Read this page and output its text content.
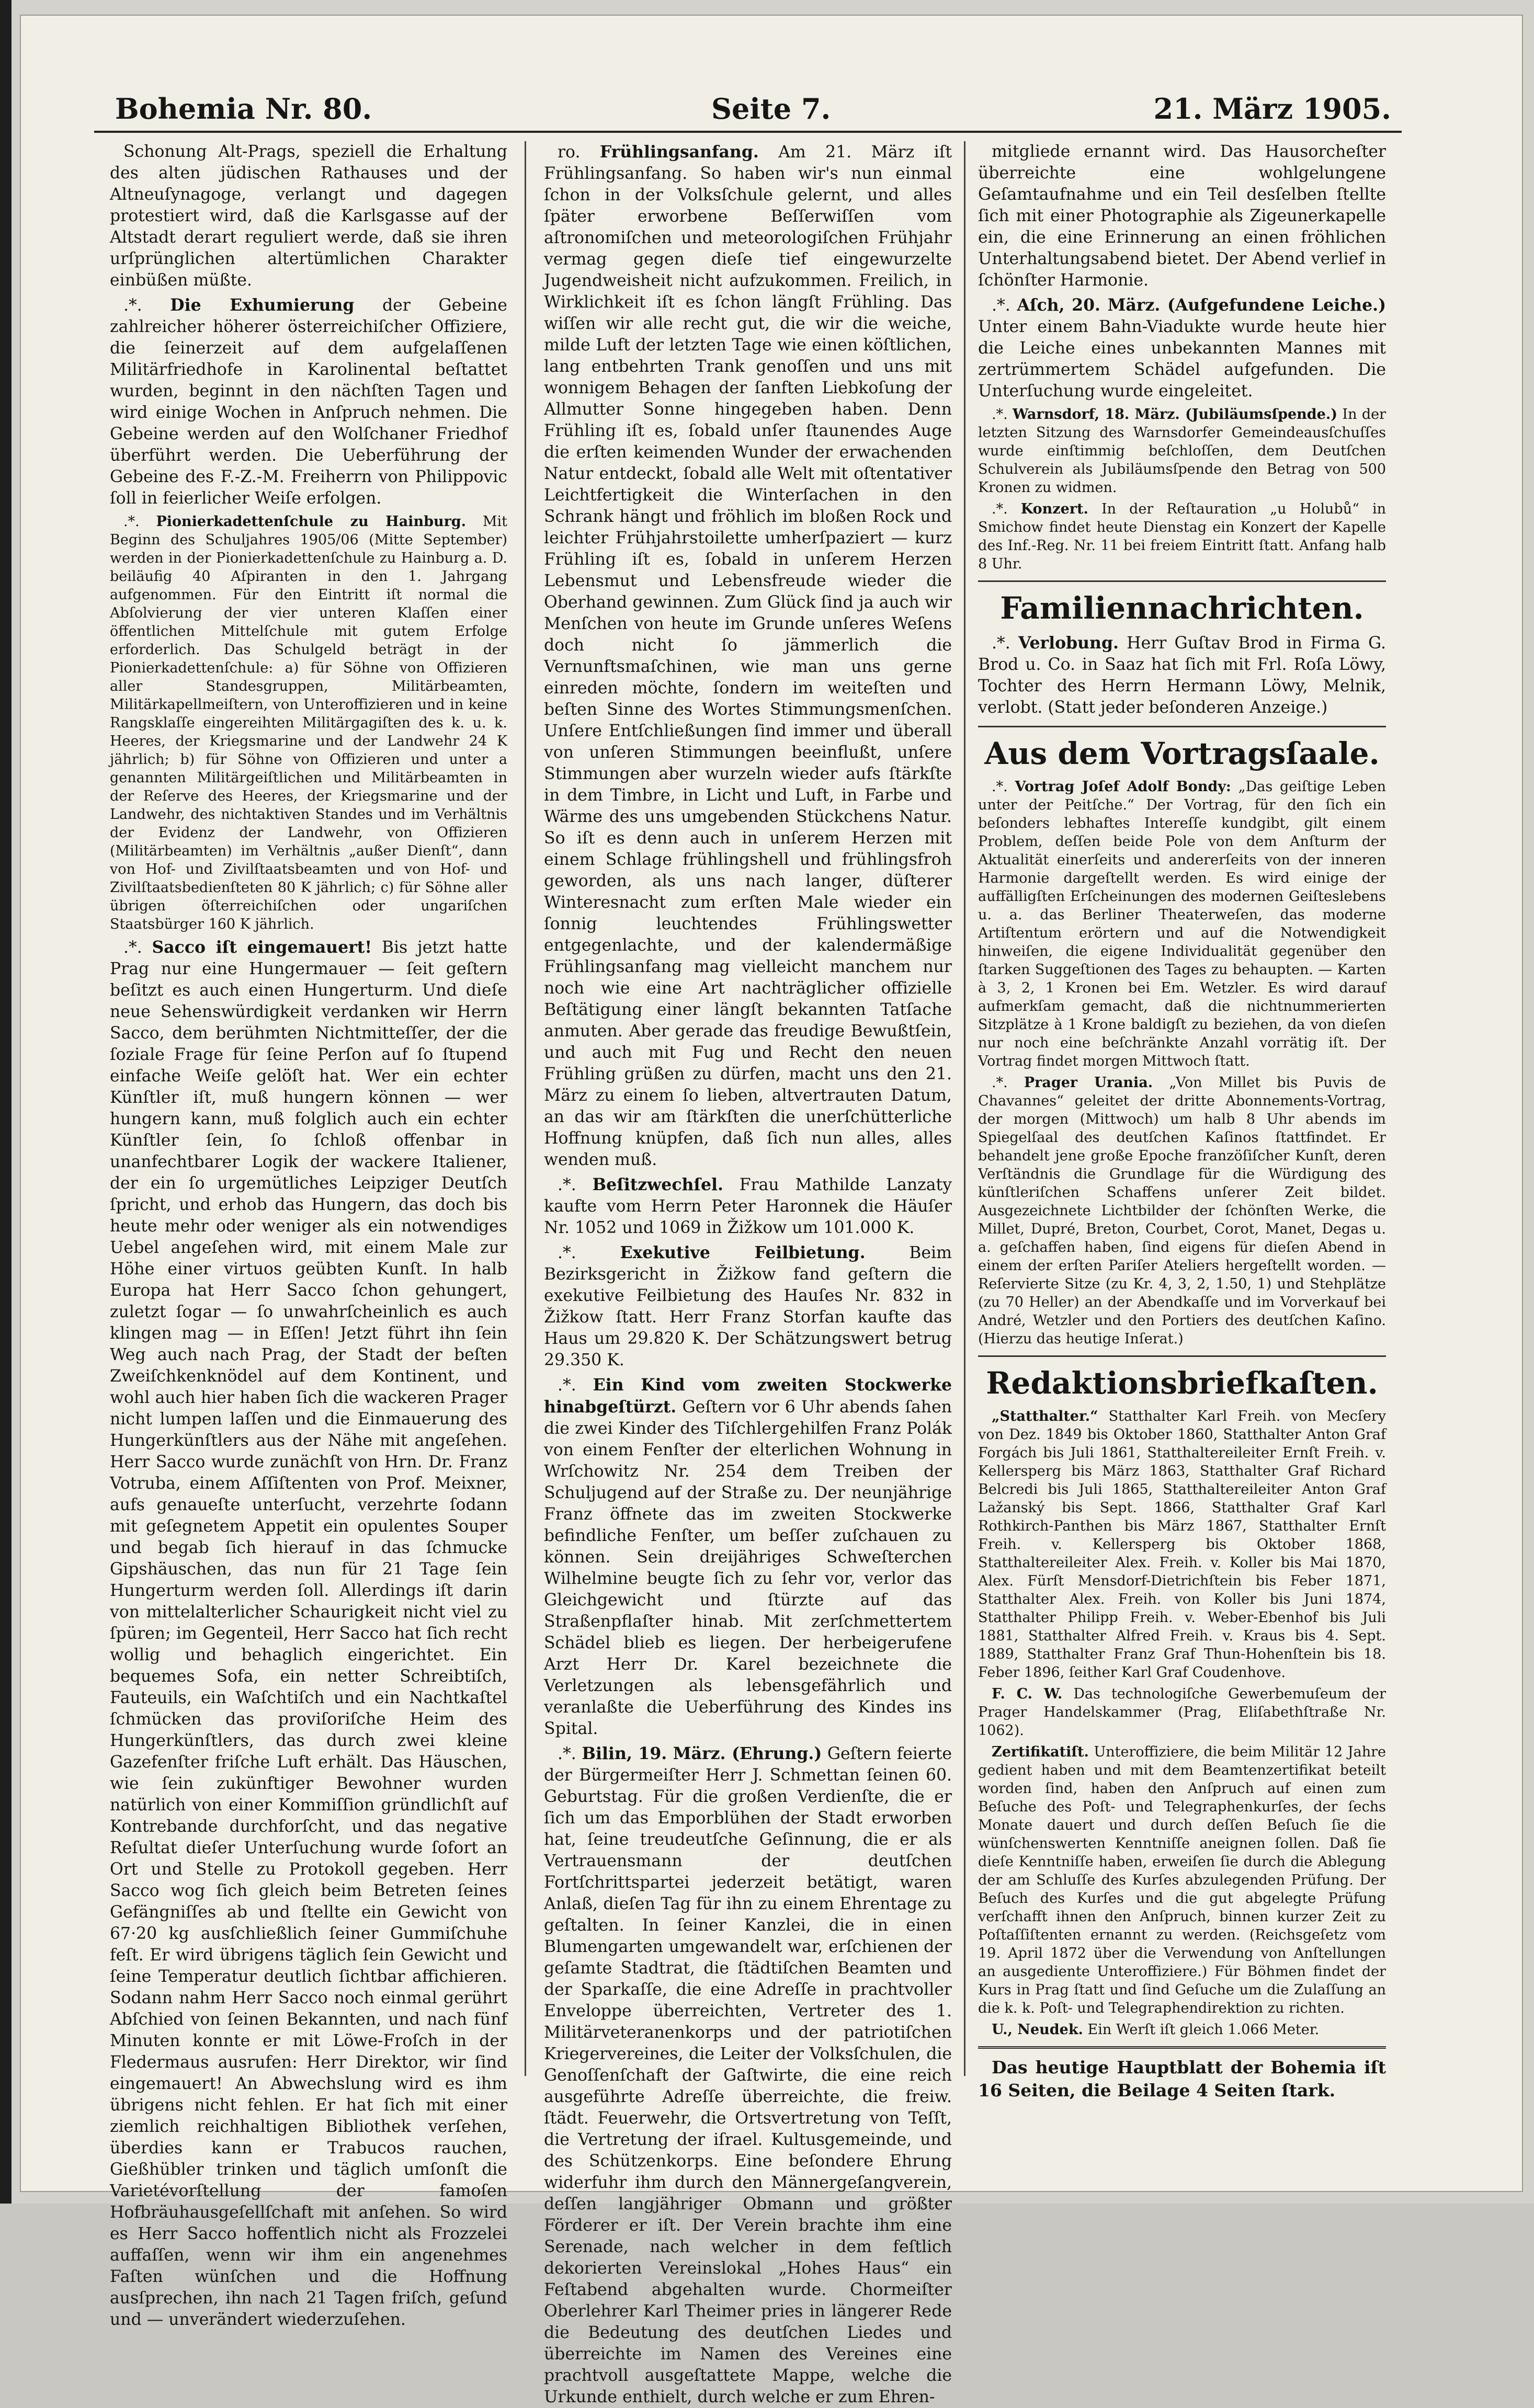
Bohemia Nr. 80.	Seite 7.	21. März 1905.

Schonung Alt-Prags, speziell die Erhaltung des alten jüdischen Rathauses und der Altneuſynagoge, verlangt und dagegen protestiert wird, daß die Karlsgasse auf der Altstadt derart reguliert werde, daß sie ihren urſprünglichen altertümlichen Charakter einbüßen müßte.

.*. Die Exhumierung der Gebeine zahlreicher höherer österreichiſcher Offiziere, die ſeinerzeit auf dem aufgelaſſenen Militärfriedhofe in Karolinental beſtattet wurden, beginnt in den nächſten Tagen und wird einige Wochen in Anſpruch nehmen. Die Gebeine werden auf den Wolſchaner Friedhof überführt werden. Die Ueberführung der Gebeine des F.-Z.-M. Freiherrn von Philippovic ſoll in feierlicher Weiſe erfolgen.

.*. Pionierkadettenſchule zu Hainburg. Mit Beginn des Schuljahres 1905/06 (Mitte September) werden in der Pionierkadettenſchule zu Hainburg a. D. beiläufig 40 Aſpiranten in den 1. Jahrgang aufgenommen. Für den Eintritt iſt normal die Abſolvierung der vier unteren Klaſſen einer öffentlichen Mittelſchule mit gutem Erfolge erforderlich. Das Schulgeld beträgt in der Pionierkadettenſchule: a) für Söhne von Offizieren aller Standesgruppen, Militärbeamten, Militärkapellmeiſtern, von Unteroffizieren und in keine Rangsklaſſe eingereihten Militärgagiſten des k. u. k. Heeres, der Kriegsmarine und der Landwehr 24 K jährlich; b) für Söhne von Offizieren und unter a genannten Militärgeiſtlichen und Militärbeamten in der Reſerve des Heeres, der Kriegsmarine und der Landwehr, des nichtaktiven Standes und im Verhältnis der Evidenz der Landwehr, von Offizieren (Militärbeamten) im Verhältnis „außer Dienſt“, dann von Hof- und Zivilſtaatsbeamten und von Hof- und Zivilſtaatsbedienſteten 80 K jährlich; c) für Söhne aller übrigen öſterreichiſchen oder ungariſchen Staatsbürger 160 K jährlich.

.*. Sacco iſt eingemauert! Bis jetzt hatte Prag nur eine Hungermauer — ſeit geſtern beſitzt es auch einen Hungerturm. Und dieſe neue Sehenswürdigkeit verdanken wir Herrn Sacco, dem berühmten Nichtmitteſſer, der die ſoziale Frage für ſeine Perſon auf ſo ſtupend einfache Weiſe gelöſt hat. Wer ein echter Künſtler iſt, muß hungern können — wer hungern kann, muß folglich auch ein echter Künſtler ſein, ſo ſchloß offenbar in unanfechtbarer Logik der wackere Italiener, der ein ſo urgemütliches Leipziger Deutſch ſpricht, und erhob das Hungern, das doch bis heute mehr oder weniger als ein notwendiges Uebel angeſehen wird, mit einem Male zur Höhe einer virtuos geübten Kunſt. In halb Europa hat Herr Sacco ſchon gehungert, zuletzt ſogar — ſo unwahrſcheinlich es auch klingen mag — in Eſſen! Jetzt führt ihn ſein Weg auch nach Prag, der Stadt der beſten Zweiſchkenknödel auf dem Kontinent, und wohl auch hier haben ſich die wackeren Prager nicht lumpen laſſen und die Einmauerung des Hungerkünſtlers aus der Nähe mit angeſehen. Herr Sacco wurde zunächſt von Hrn. Dr. Franz Votruba, einem Aſſiſtenten von Prof. Meixner, aufs genaueſte unterſucht, verzehrte ſodann mit geſegnetem Appetit ein opulentes Souper und begab ſich hierauf in das ſchmucke Gipshäuschen, das nun für 21 Tage ſein Hungerturm werden ſoll. Allerdings iſt darin von mittelalterlicher Schaurigkeit nicht viel zu ſpüren; im Gegenteil, Herr Sacco hat ſich recht wollig und behaglich eingerichtet. Ein bequemes Sofa, ein netter Schreibtiſch, Fauteuils, ein Waſchtiſch und ein Nachtkaſtel ſchmücken das proviſoriſche Heim des Hungerkünſtlers, das durch zwei kleine Gazefenſter friſche Luft erhält. Das Häuschen, wie ſein zukünftiger Bewohner wurden natürlich von einer Kommiſſion gründlichſt auf Kontrebande durchforſcht, und das negative Reſultat dieſer Unterſuchung wurde ſofort an Ort und Stelle zu Protokoll gegeben. Herr Sacco wog ſich gleich beim Betreten ſeines Gefängniſſes ab und ſtellte ein Gewicht von 67·20 kg ausſchließlich ſeiner Gummiſchuhe feſt. Er wird übrigens täglich ſein Gewicht und ſeine Temperatur deutlich ſichtbar affichieren. Sodann nahm Herr Sacco noch einmal gerührt Abſchied von ſeinen Bekannten, und nach fünf Minuten konnte er mit Löwe-Froſch in der Fledermaus ausrufen: Herr Direktor, wir ſind eingemauert! An Abwechslung wird es ihm übrigens nicht fehlen. Er hat ſich mit einer ziemlich reichhaltigen Bibliothek verſehen, überdies kann er Trabucos rauchen, Gießhübler trinken und täglich umſonſt die Varietévorſtellung der famoſen Hofbräuhausgeſellſchaft mit anſehen. So wird es Herr Sacco hoffentlich nicht als Frozzelei auffaſſen, wenn wir ihm ein angenehmes Faſten wünſchen und die Hoffnung ausſprechen, ihn nach 21 Tagen friſch, geſund und — unverändert wiederzuſehen.

ro. Frühlingsanfang. Am 21. März iſt Frühlingsanfang. So haben wir's nun einmal ſchon in der Volksſchule gelernt, und alles ſpäter erworbene Beſſerwiſſen vom aſtronomiſchen und meteorologiſchen Frühjahr vermag gegen dieſe tief eingewurzelte Jugendweisheit nicht aufzukommen. Freilich, in Wirklichkeit iſt es ſchon längſt Frühling. Das wiſſen wir alle recht gut, die wir die weiche, milde Luft der letzten Tage wie einen köſtlichen, lang entbehrten Trank genoſſen und uns mit wonnigem Behagen der ſanften Liebkoſung der Allmutter Sonne hingegeben haben. Denn Frühling iſt es, ſobald unſer ſtaunendes Auge die erſten keimenden Wunder der erwachenden Natur entdeckt, ſobald alle Welt mit oſtentativer Leichtfertigkeit die Winterſachen in den Schrank hängt und fröhlich im bloßen Rock und leichter Frühjahrstoilette umherſpaziert — kurz Frühling iſt es, ſobald in unſerem Herzen Lebensmut und Lebensfreude wieder die Oberhand gewinnen. Zum Glück ſind ja auch wir Menſchen von heute im Grunde unſeres Weſens doch nicht ſo jämmerlich die Vernunftsmaſchinen, wie man uns gerne einreden möchte, ſondern im weiteſten und beſten Sinne des Wortes Stimmungsmenſchen. Unſere Entſchließungen ſind immer und überall von unſeren Stimmungen beeinflußt, unſere Stimmungen aber wurzeln wieder aufs ſtärkſte in dem Timbre, in Licht und Luft, in Farbe und Wärme des uns umgebenden Stückchens Natur. So iſt es denn auch in unſerem Herzen mit einem Schlage frühlingshell und frühlingsfroh geworden, als uns nach langer, düſterer Winteresnacht zum erſten Male wieder ein ſonnig leuchtendes Frühlingswetter entgegenlachte, und der kalendermäßige Frühlingsanfang mag vielleicht manchem nur noch wie eine Art nachträglicher offizielle Beſtätigung einer längſt bekannten Tatſache anmuten. Aber gerade das freudige Bewußtſein, und auch mit Fug und Recht den neuen Frühling grüßen zu dürfen, macht uns den 21. März zu einem ſo lieben, altvertrauten Datum, an das wir am ſtärkſten die unerſchütterliche Hoffnung knüpfen, daß ſich nun alles, alles wenden muß.

.*. Beſitzwechſel. Frau Mathilde Lanzaty kaufte vom Herrn Peter Haronnek die Häuſer Nr. 1052 und 1069 in Žižkow um 101.000 K.

.*. Exekutive Feilbietung.	Beim Bezirksgericht in Žižkow fand geſtern die exekutive Feilbietung des Hauſes Nr. 832 in Žižkow ſtatt. Herr Franz Storfan kaufte das Haus um 29.820 K. Der Schätzungswert betrug 29.350 K.

.*. Ein Kind vom zweiten Stockwerke hinabgeſtürzt. Geſtern vor 6 Uhr abends ſahen die zwei Kinder des Tiſchlergehilfen Franz Polák von einem Fenſter der elterlichen Wohnung in Wrſchowitz Nr. 254 dem Treiben der Schuljugend auf der Straße zu. Der neunjährige Franz öffnete das im zweiten Stockwerke befindliche Fenſter, um beſſer zuſchauen zu können. Sein dreijähriges Schweſterchen Wilhelmine beugte ſich zu ſehr vor, verlor das Gleichgewicht und ſtürzte auf das Straßenpflaſter hinab. Mit zerſchmettertem Schädel blieb es liegen. Der herbeigerufene Arzt Herr Dr. Karel bezeichnete die Verletzungen als lebensgefährlich und veranlaßte die Ueberführung des Kindes ins Spital.

.*. Bilin, 19. März. (Ehrung.) Geſtern feierte der Bürgermeiſter Herr J. Schmettan ſeinen 60. Geburtstag. Für die großen Verdienſte, die er ſich um das Emporblühen der Stadt erworben hat, ſeine treudeutſche Geſinnung, die er als Vertrauensmann der deutſchen Fortſchrittspartei jederzeit betätigt, waren Anlaß, dieſen Tag für ihn zu einem Ehrentage zu geſtalten. In ſeiner Kanzlei, die in einen Blumengarten umgewandelt war, erſchienen der geſamte Stadtrat, die ſtädtiſchen Beamten und der Sparkaſſe, die eine Adreſſe in prachtvoller Enveloppe überreichten, Vertreter des 1. Militärveteranenkorps und der patriotiſchen Kriegervereines, die Leiter der Volksſchulen, die Genoſſenſchaft der Gaſtwirte, die eine reich ausgeführte Adreſſe überreichte, die freiw. ſtädt. Feuerwehr, die Ortsvertretung von Teſſt, die Vertretung der iſrael. Kultusgemeinde, und des Schützenkorps. Eine beſondere Ehrung widerfuhr ihm durch den Männergeſangverein, deſſen langjähriger Obmann und größter Förderer er iſt. Der Verein brachte ihm eine Serenade, nach welcher in dem feſtlich dekorierten Vereinslokal „Hohes Haus“ ein Feſtabend abgehalten wurde. Chormeiſter Oberlehrer Karl Theimer pries in längerer Rede die Bedeutung des deutſchen Liedes und überreichte im Namen des Vereines eine prachtvoll ausgeſtattete Mappe, welche die Urkunde enthielt, durch welche er zum Ehren-

mitgliede ernannt wird. Das Hausorcheſter überreichte eine wohlgelungene Geſamtaufnahme und ein Teil desſelben ſtellte ſich mit einer Photographie als Zigeunerkapelle ein, die eine Erinnerung an einen fröhlichen Unterhaltungsabend bietet. Der Abend verlief in ſchönſter Harmonie.

.*. Aſch, 20. März. (Aufgefundene Leiche.) Unter einem Bahn-Viadukte wurde heute hier die Leiche eines unbekannten Mannes mit zertrümmertem Schädel aufgefunden. Die Unterſuchung wurde eingeleitet.

.*. Warnsdorf, 18. März. (Jubiläumsſpende.) In der letzten Sitzung des Warnsdorfer Gemeindeausſchuſſes wurde einſtimmig beſchloſſen, dem Deutſchen Schulverein als Jubiläumsſpende den Betrag von 500 Kronen zu widmen.

.*. Konzert. In der Reſtauration „u Holubů“ in Smichow findet heute Dienstag ein Konzert der Kapelle des Inf.-Reg. Nr. 11 bei freiem Eintritt ſtatt. Anfang halb 8 Uhr.

Familiennachrichten.

.*. Verlobung. Herr Guſtav Brod in Firma G. Brod u. Co. in Saaz hat ſich mit Frl. Roſa Löwy, Tochter des Herrn Hermann Löwy, Melnik, verlobt. (Statt jeder beſonderen Anzeige.)

Aus dem Vortragsſaale.

.*. Vortrag Joſef Adolf Bondy: „Das geiſtige Leben unter der Peitſche.“ Der Vortrag, für den ſich ein beſonders lebhaftes Intereſſe kundgibt, gilt einem Problem, deſſen beide Pole von dem Anſturm der Aktualität einerſeits und andererſeits von der inneren Harmonie dargeſtellt werden. Es wird einige der auffälligſten Erſcheinungen des modernen Geiſteslebens u. a. das Berliner Theaterweſen, das moderne Artiſtentum erörtern und auf die Notwendigkeit hinweiſen, die eigene Individualität gegenüber den ſtarken Suggeſtionen des Tages zu behaupten. — Karten à 3, 2, 1 Kronen bei Em. Wetzler. Es wird darauf aufmerkſam gemacht, daß die nichtnummerierten Sitzplätze à 1 Krone baldigſt zu beziehen, da von dieſen nur noch eine beſchränkte Anzahl vorrätig iſt. Der Vortrag findet morgen Mittwoch ſtatt.

.*. Prager Urania. „Von Millet bis Puvis de Chavannes“ geleitet der dritte Abonnements-Vortrag, der morgen (Mittwoch) um halb 8 Uhr abends im Spiegelſaal des deutſchen Kaſinos ſtattfindet. Er behandelt jene große Epoche franzöſiſcher Kunſt, deren Verſtändnis die Grundlage für die Würdigung des künſtleriſchen Schaffens unſerer Zeit bildet. Ausgezeichnete Lichtbilder der ſchönſten Werke, die Millet, Dupré, Breton, Courbet, Corot, Manet, Degas u. a. geſchaffen haben, ſind eigens für dieſen Abend in einem der erſten Pariſer Ateliers hergeſtellt worden. — Reſervierte Sitze (zu Kr. 4, 3, 2, 1.50, 1) und Stehplätze (zu 70 Heller) an der Abendkaſſe und im Vorverkauf bei André, Wetzler und den Portiers des deutſchen Kaſino. (Hierzu das heutige Inſerat.)

Redaktionsbriefkaſten.

„Statthalter.“ Statthalter Karl Freih. von Mecſery von Dez. 1849 bis Oktober 1860, Statthalter Anton Graf Forgách bis Juli 1861, Statthaltereileiter Ernſt Freih. v. Kellersperg bis März 1863, Statthalter Graf Richard Belcredi bis Juli 1865, Statthaltereileiter Anton Graf Lažanský bis Sept. 1866, Statthalter Graf Karl Rothkirch-Panthen bis März 1867, Statthalter Ernſt Freih. v. Kellersperg bis Oktober 1868, Statthaltereileiter Alex. Freih. v. Koller bis Mai 1870, Alex. Fürſt Mensdorf-Dietrichſtein bis Feber 1871, Statthalter Alex. Freih. von Koller bis Juni 1874, Statthalter Philipp Freih. v. Weber-Ebenhof bis Juli 1881, Statthalter Alfred Freih. v. Kraus bis 4. Sept. 1889, Statthalter Franz Graf Thun-Hohenſtein bis 18. Feber 1896, ſeither Karl Graf Coudenhove.

F. C. W. Das technologiſche Gewerbemuſeum der Prager Handelskammer (Prag, Eliſabethſtraße Nr. 1062).

Zertifikatiſt. Unteroffiziere, die beim Militär 12 Jahre gedient haben und mit dem Beamtenzertifikat beteilt worden ſind, haben den Anſpruch auf einen zum Beſuche des Poſt- und Telegraphenkurſes, der ſechs Monate dauert und durch deſſen Beſuch ſie die wünſchenswerten Kenntniſſe aneignen ſollen. Daß ſie dieſe Kenntniſſe haben, erweiſen ſie durch die Ablegung der am Schluſſe des Kurſes abzulegenden Prüfung. Der Beſuch des Kurſes und die gut abgelegte Prüfung verſchafft ihnen den Anſpruch, binnen kurzer Zeit zu Poſtaſſiſtenten ernannt zu werden. (Reichsgeſetz vom 19. April 1872 über die Verwendung von Anſtellungen an ausgediente Unteroffiziere.) Für Böhmen findet der Kurs in Prag ſtatt und ſind Geſuche um die Zulaſſung an die k. k. Poſt- und Telegraphendirektion zu richten.

U., Neudek. Ein Werſt iſt gleich 1.066 Meter.

Das heutige Hauptblatt der Bohemia iſt 16 Seiten, die Beilage 4 Seiten ſtark.
